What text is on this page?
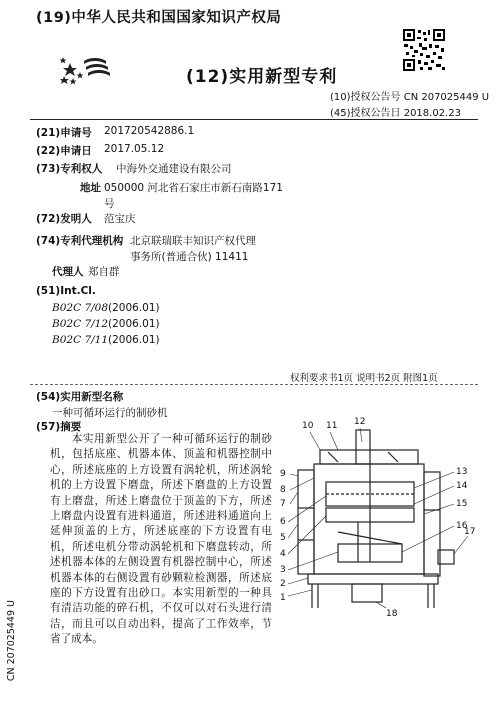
(19)中华人民共和国国家知识产权局
(12)实用新型专利
(10)授权公告号 CN 207025449 U
(45)授权公告日 2018.02.23
(21)申请号 201720542886.1
(22)申请日 2017.05.12
(73)专利权人 中海外交通建设有限公司
地址 050000 河北省石家庄市新石南路171
号
(72)发明人 范宝庆
(74)专利代理机构 北京联瑞联丰知识产权代理
事务所(普通合伙) 11411
代理人 郑自群
(51)Int.Cl.
B02C 7/08(2006.01)
B02C 7/12(2006.01)
B02C 7/11(2006.01)
权利要求书1页 说明书2页 附图1页
(54)实用新型名称
一种可循环运行的制砂机
(57)摘要
  本实用新型公开了一种可循环运行的制砂机，包括底座、机器本体、顶盖和机器控制中心，所述底座的上方设置有涡轮机，所述涡轮机的上方设置下磨盘，所述下磨盘的上方设置有上磨盘，所述上磨盘位于顶盖的下方，所述上磨盘内设置有进料通道，所述进料通道向上延伸顶盖的上方，所述底座的下方设置有电机，所述电机分带动涡轮机和下磨盘转动，所述机器本体的左侧设置有机器控制中心，所述机器本体的右侧设置有砂颗粒检测器，所述底座的下方设置有出砂口。本实用新型的一种具有清洁功能的碎石机，不仅可以对石头进行清洁，而且可以自动出料，提高了工作效率，节省了成本。
CN 207025449 U
1
2
3
4
5
6
7
8
9
10 11 12
13
14
15
16
17
18
